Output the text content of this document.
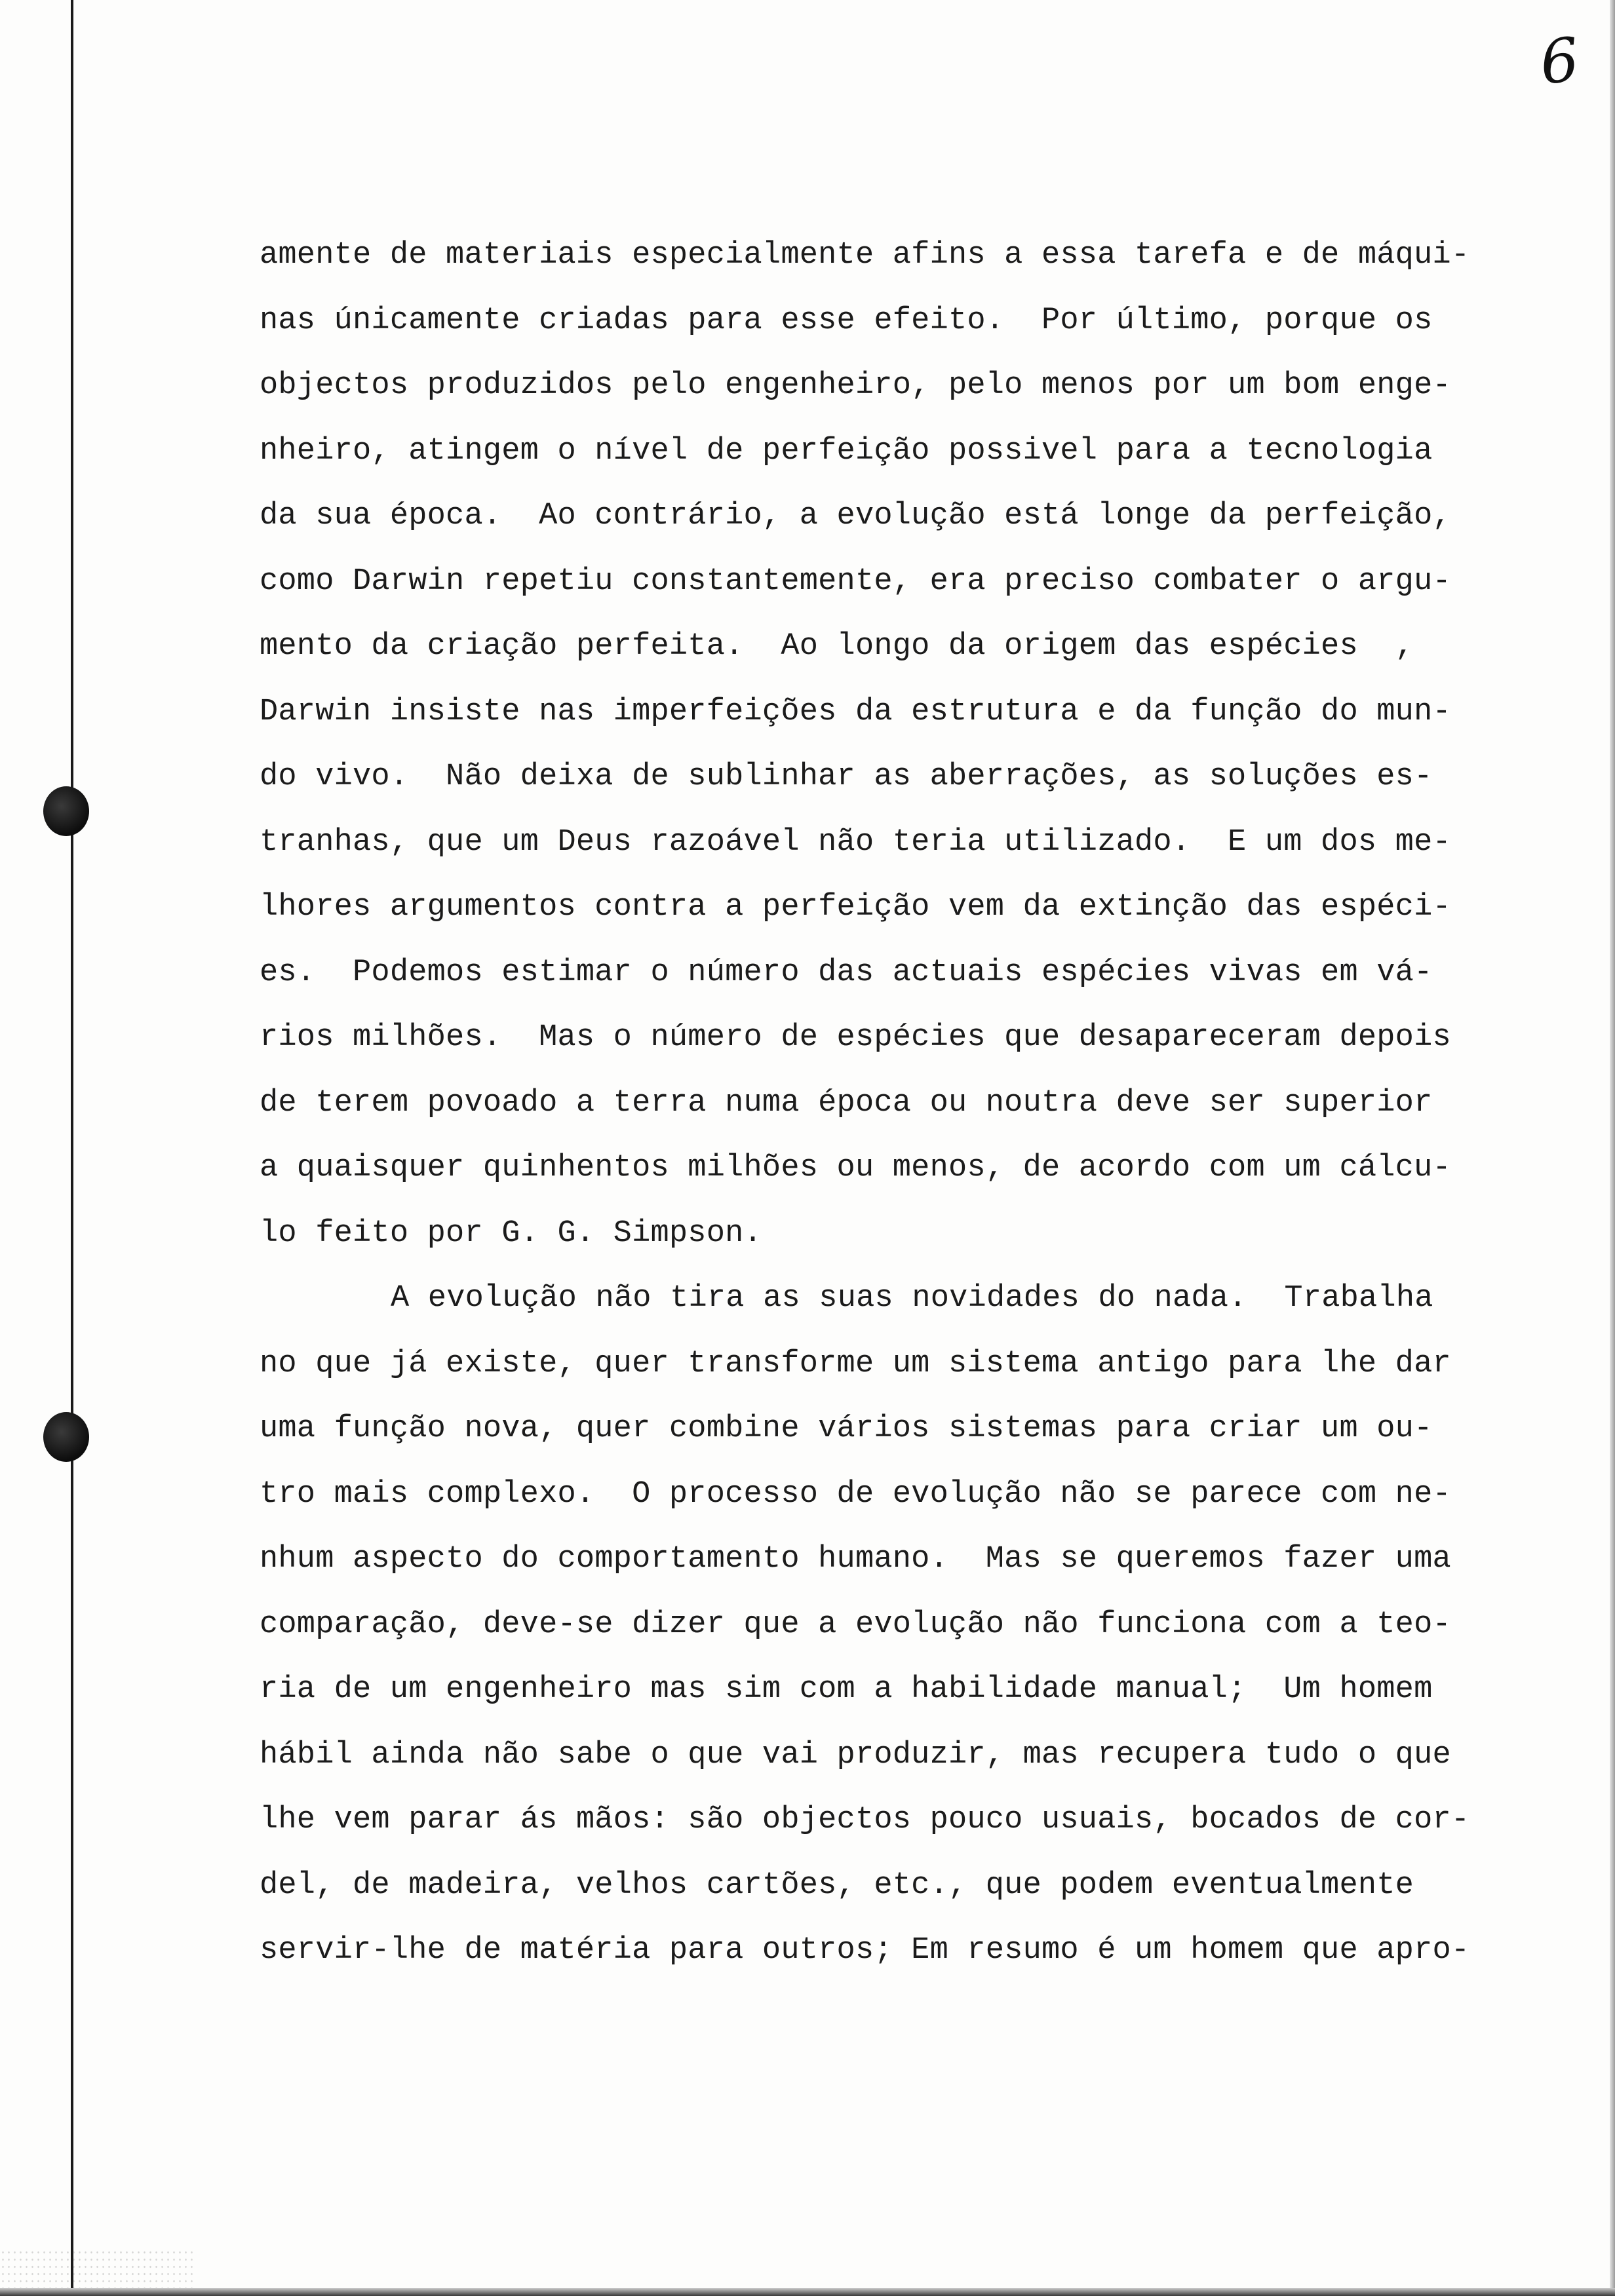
6
amente de materiais especialmente afins a essa tarefa e de máqui-
nas únicamente criadas para esse efeito.  Por último, porque os
objectos produzidos pelo engenheiro, pelo menos por um bom enge-
nheiro, atingem o nível de perfeição possivel para a tecnologia
da sua época.  Ao contrário, a evolução está longe da perfeição,
como Darwin repetiu constantemente, era preciso combater o argu-
mento da criação perfeita.  Ao longo da origem das espécies  ,
Darwin insiste nas imperfeições da estrutura e da função do mun-
do vivo.  Não deixa de sublinhar as aberrações, as soluções es-
tranhas, que um Deus razoável não teria utilizado.  E um dos me-
lhores argumentos contra a perfeição vem da extinção das espéci-
es.  Podemos estimar o número das actuais espécies vivas em vá-
rios milhões.  Mas o número de espécies que desapareceram depois
de terem povoado a terra numa época ou noutra deve ser superior
a quaisquer quinhentos milhões ou menos, de acordo com um cálcu-
lo feito por G. G. Simpson.
A evolução não tira as suas novidades do nada.  Trabalha
no que já existe, quer transforme um sistema antigo para lhe dar
uma função nova, quer combine vários sistemas para criar um ou-
tro mais complexo.  O processo de evolução não se parece com ne-
nhum aspecto do comportamento humano.  Mas se queremos fazer uma
comparação, deve-se dizer que a evolução não funciona com a teo-
ria de um engenheiro mas sim com a habilidade manual;  Um homem
hábil ainda não sabe o que vai produzir, mas recupera tudo o que
lhe vem parar ás mãos: são objectos pouco usuais, bocados de cor-
del, de madeira, velhos cartões, etc., que podem eventualmente
servir-lhe de matéria para outros; Em resumo é um homem que apro-
